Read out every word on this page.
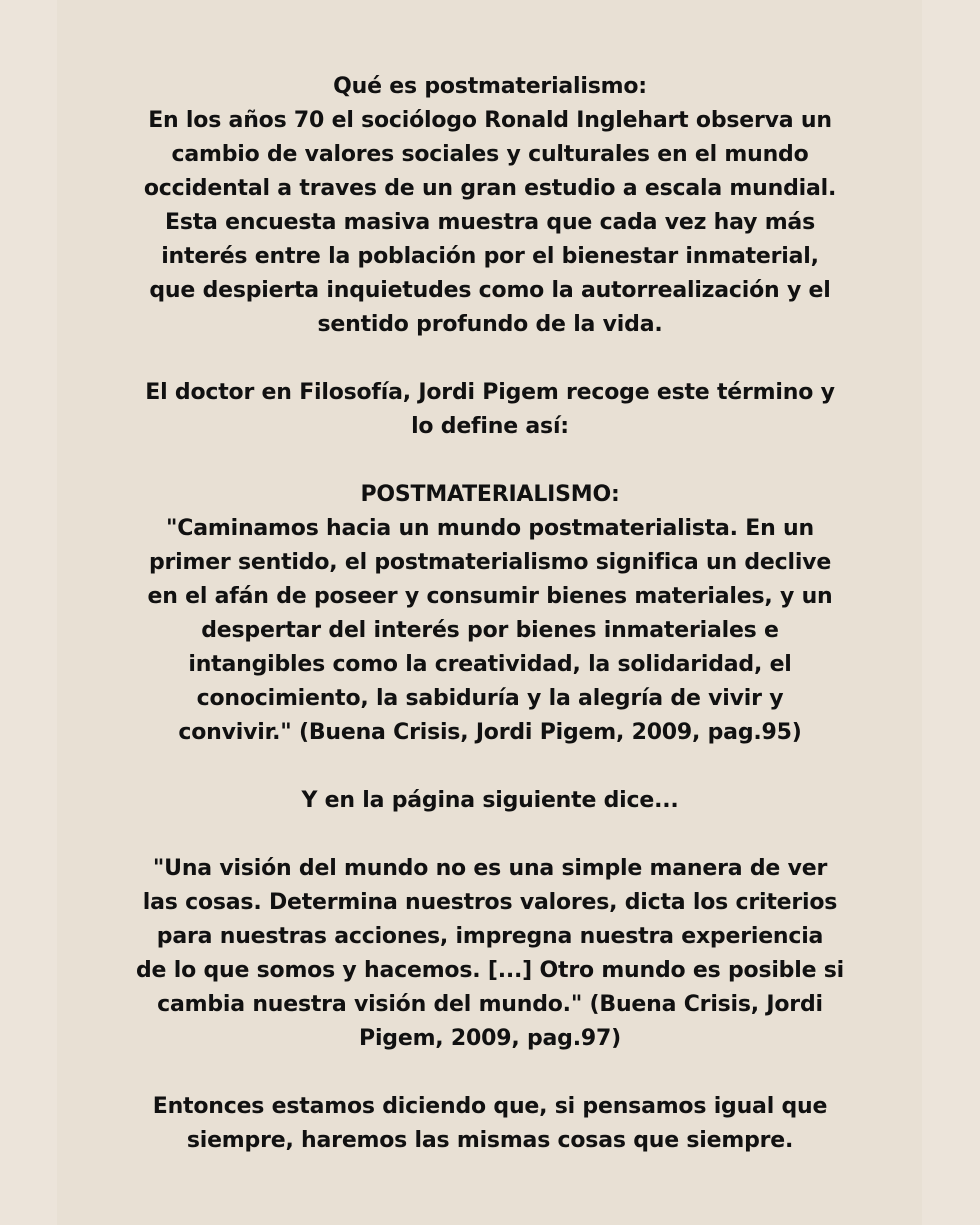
Qué es postmaterialismo:

En los años 70 el sociólogo Ronald Inglehart observa un
cambio de valores sociales y culturales en el mundo
occidental a traves de un gran estudio a escala mundial.
Esta encuesta masiva muestra que cada vez hay más
interés entre la población por el bienestar inmaterial,
que despierta inquietudes como la autorrealización y el
sentido profundo de la vida.

El doctor en Filosofía, Jordi Pigem recoge este término y
lo define así:

POSTMATERIALISMO:

"Caminamos hacia un mundo postmaterialista. En un
primer sentido, el postmaterialismo significa un declive
en el afán de poseer y consumir bienes materiales, y un
despertar del interés por bienes inmateriales e
intangibles como la creatividad, la solidaridad, el
conocimiento, la sabiduría y la alegría de vivir y
convivir." (Buena Crisis, Jordi Pigem, 2009, pag.95)

Y en la página siguiente dice...

"Una visión del mundo no es una simple manera de ver
las cosas. Determina nuestros valores, dicta los criterios
para nuestras acciones, impregna nuestra experiencia
de lo que somos y hacemos. [...] Otro mundo es posible si
cambia nuestra visión del mundo." (Buena Crisis, Jordi
Pigem, 2009, pag.97)

Entonces estamos diciendo que, si pensamos igual que
siempre, haremos las mismas cosas que siempre.
